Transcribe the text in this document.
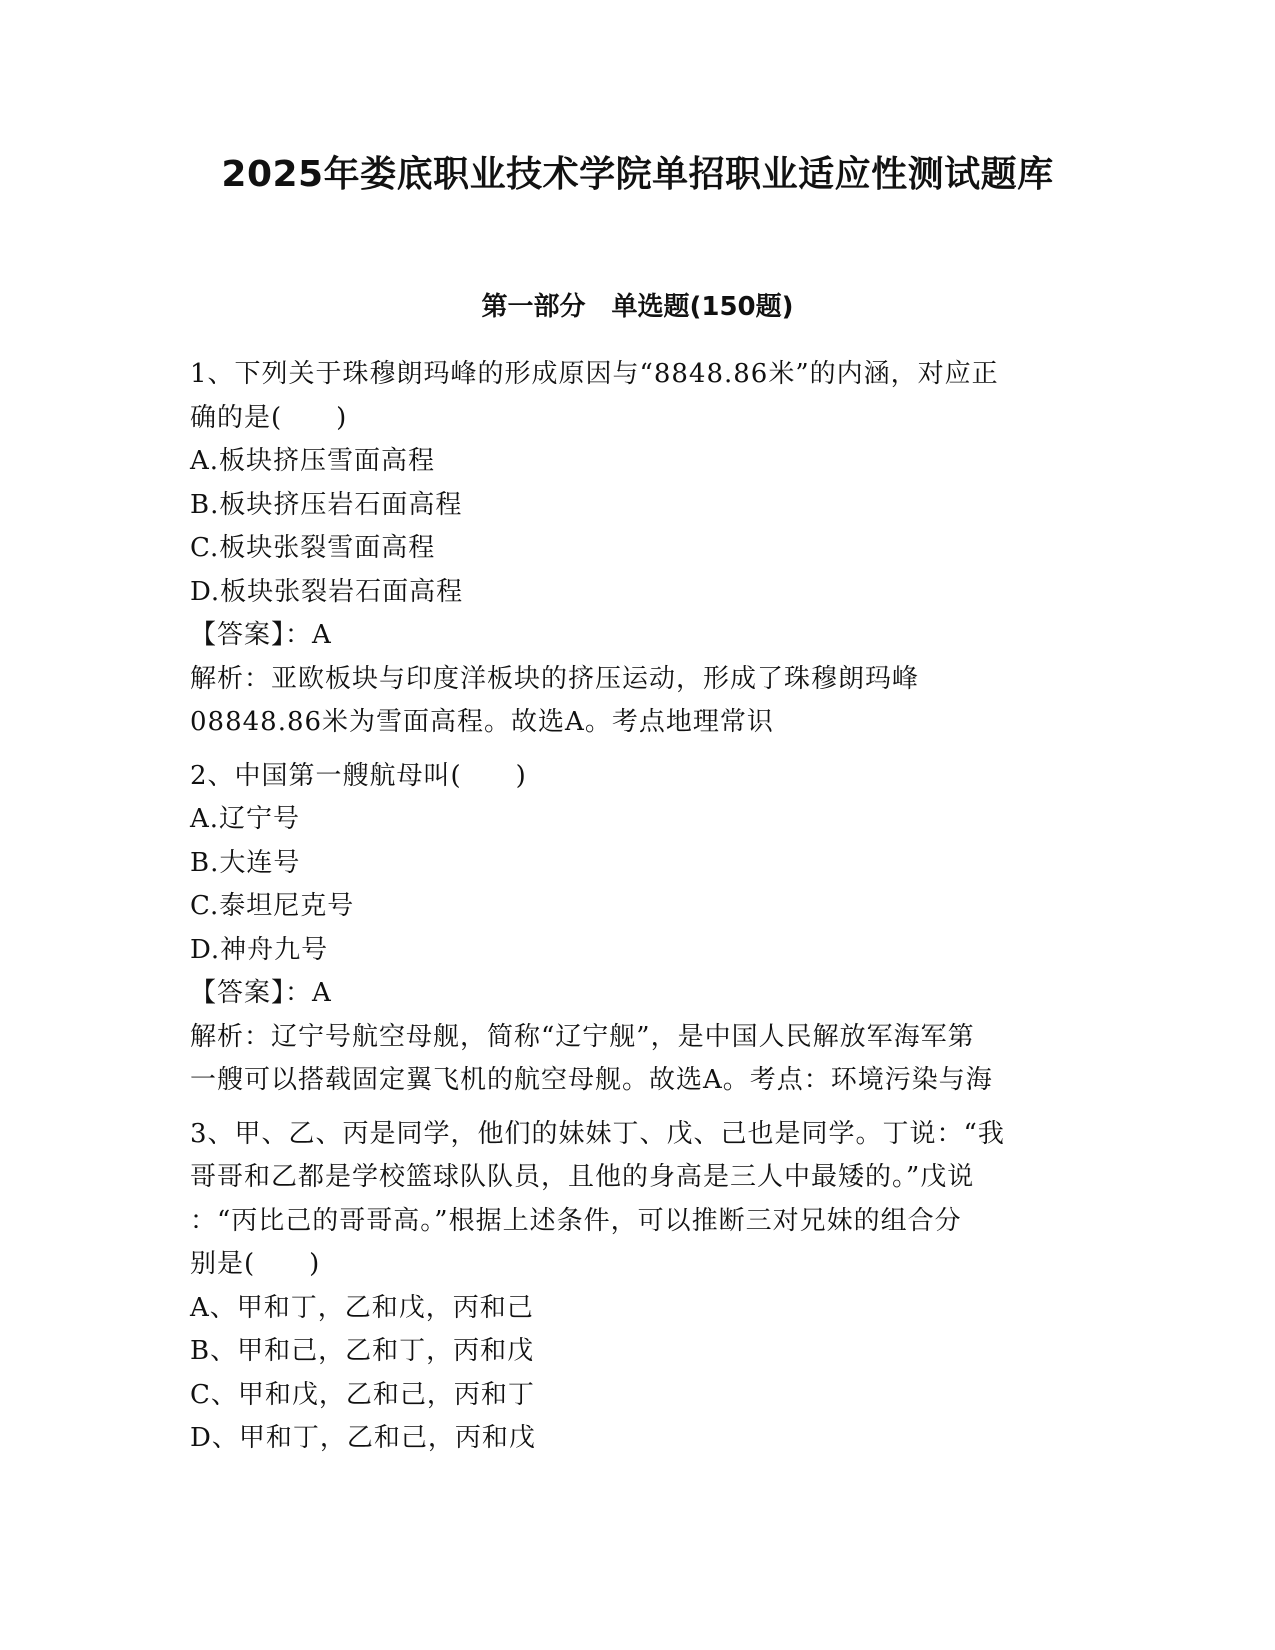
2025年娄底职业技术学院单招职业适应性测试题库
第一部分　单选题(150题)
1、下列关于珠穆朗玛峰的形成原因与“8848.86米”的内涵，对应正
确的是(　　)
A.板块挤压雪面高程
B.板块挤压岩石面高程
C.板块张裂雪面高程
D.板块张裂岩石面高程
【答案】：A
解析：亚欧板块与印度洋板块的挤压运动，形成了珠穆朗玛峰
08848.86米为雪面高程。故选A。考点地理常识
2、中国第一艘航母叫(　　)
A.辽宁号
B.大连号
C.泰坦尼克号
D.神舟九号
【答案】：A
解析：辽宁号航空母舰，简称“辽宁舰”，是中国人民解放军海军第
一艘可以搭载固定翼飞机的航空母舰。故选A。考点：环境污染与海
3、甲、乙、丙是同学，他们的妹妹丁、戊、己也是同学。丁说：“我
哥哥和乙都是学校篮球队队员，且他的身高是三人中最矮的。”戊说
：“丙比己的哥哥高。”根据上述条件，可以推断三对兄妹的组合分
别是(　　)
A、甲和丁，乙和戊，丙和己
B、甲和己，乙和丁，丙和戊
C、甲和戊，乙和己，丙和丁
D、甲和丁，乙和己，丙和戊
